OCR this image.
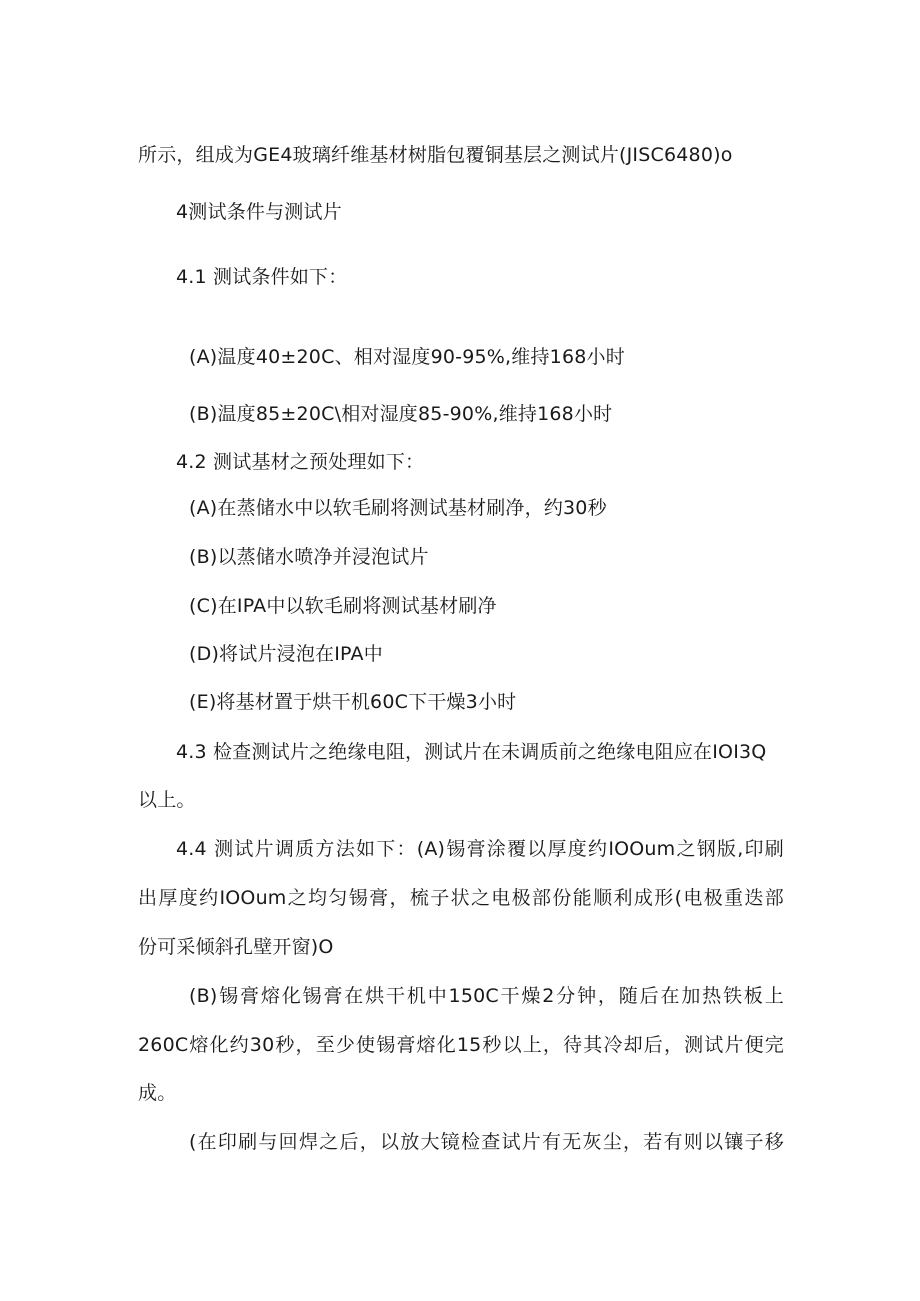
所示，组成为GE4玻璃纤维基材树脂包覆铜基层之测试片(JISC6480)o
4测试条件与测试片
4.1 测试条件如下：
(A)温度40±20C、相对湿度90-95%,维持168小时
(B)温度85±20C\相对湿度85-90%,维持168小时
4.2 测试基材之预处理如下：
(A)在蒸储水中以软毛刷将测试基材刷净，约30秒
(B)以蒸储水喷净并浸泡试片
(C)在IPA中以软毛刷将测试基材刷净
(D)将试片浸泡在IPA中
(E)将基材置于烘干机60C下干燥3小时
4.3 检查测试片之绝缘电阻，测试片在未调质前之绝缘电阻应在IOI3Q
以上。
4.4 测试片调质方法如下：(A)锡膏涂覆以厚度约IOOum之钢版,印刷
出厚度约IOOum之均匀锡膏，梳子状之电极部份能顺利成形(电极重迭部
份可采倾斜孔壁开窗)O
(B)锡膏熔化锡膏在烘干机中150C干燥2分钟，随后在加热铁板上
260C熔化约30秒，至少使锡膏熔化15秒以上，待其冷却后，测试片便完
成。
(在印刷与回焊之后，以放大镜检查试片有无灰尘，若有则以镶子移
